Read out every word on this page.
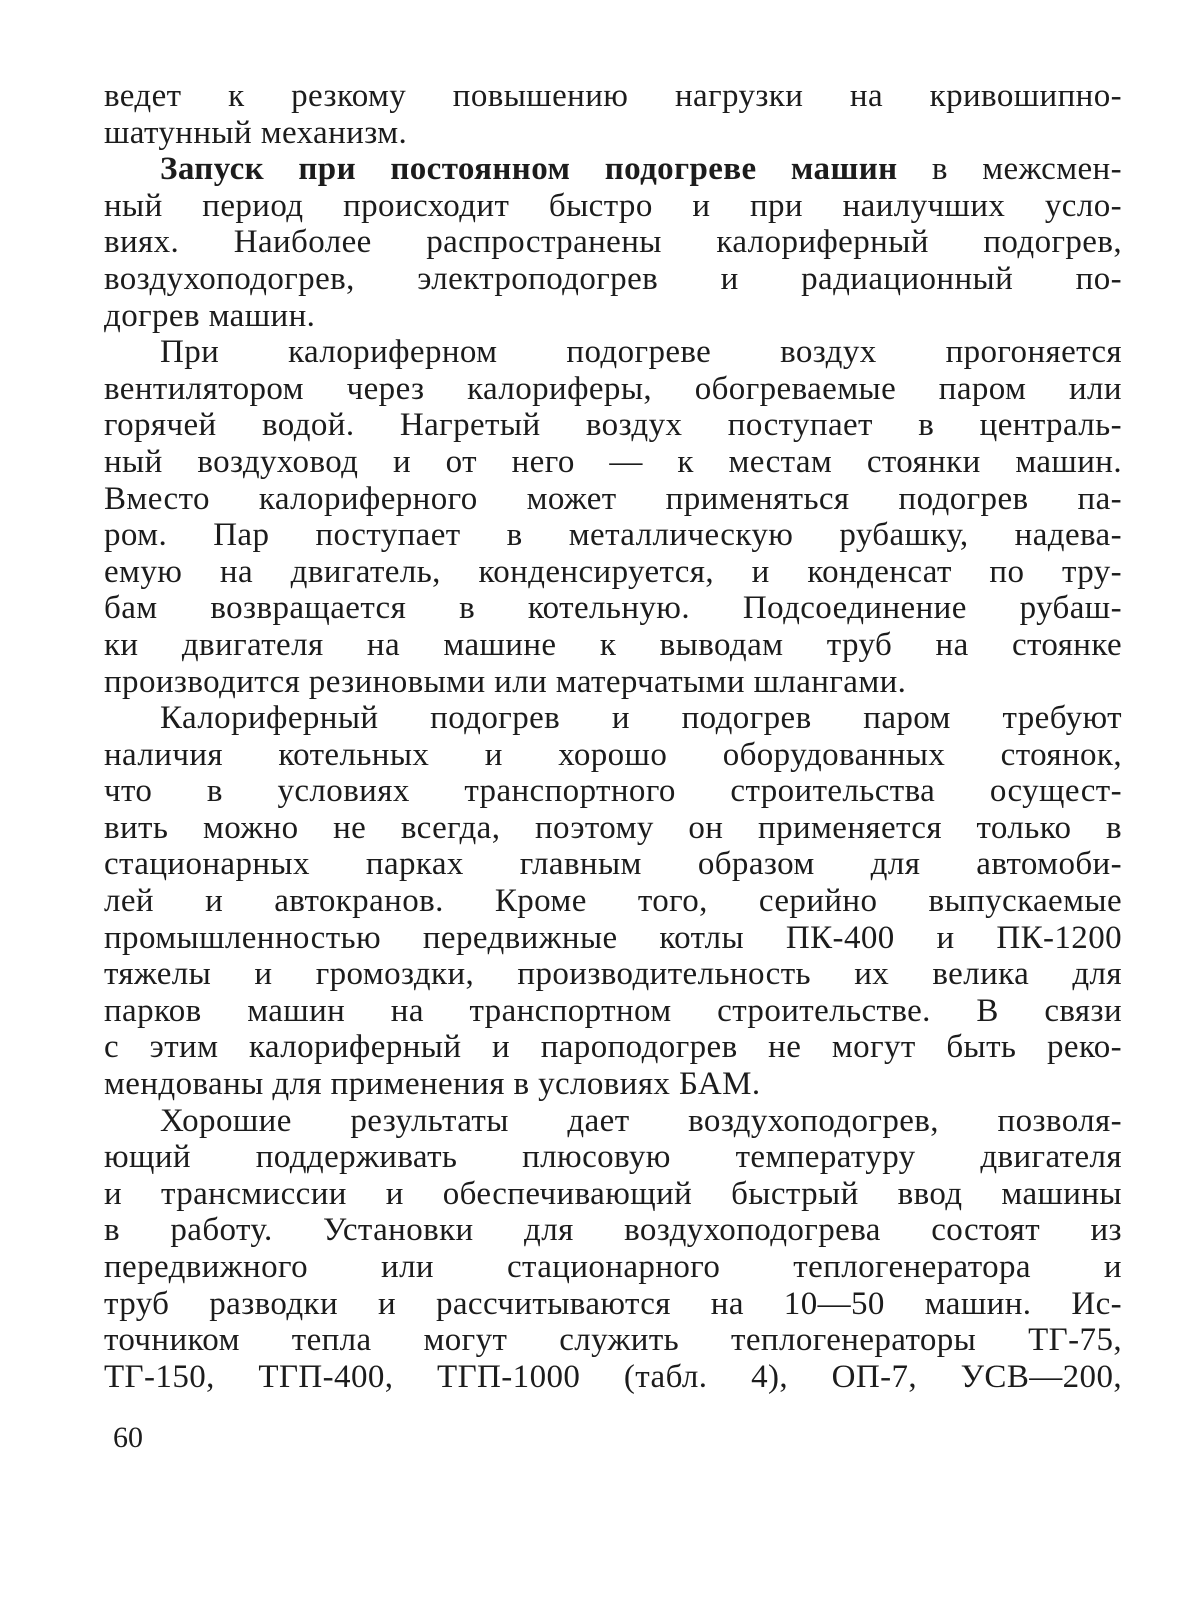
ведет к резкому повышению нагрузки на кривошипно-
шатунный механизм.
Запуск при постоянном подогреве машин в межсмен-
ный период происходит быстро и при наилучших усло-
виях. Наиболее распространены калориферный подогрев,
воздухоподогрев, электроподогрев и радиационный по-
догрев машин.
При калориферном подогреве воздух прогоняется
вентилятором через калориферы, обогреваемые паром или
горячей водой. Нагретый воздух поступает в централь-
ный воздуховод и от него — к местам стоянки машин.
Вместо калориферного может применяться подогрев па-
ром. Пар поступает в металлическую рубашку, надева-
емую на двигатель, конденсируется, и конденсат по тру-
бам возвращается в котельную. Подсоединение рубаш-
ки двигателя на машине к выводам труб на стоянке
производится резиновыми или матерчатыми шлангами.
Калориферный подогрев и подогрев паром требуют
наличия котельных и хорошо оборудованных стоянок,
что в условиях транспортного строительства осущест-
вить можно не всегда, поэтому он применяется только в
стационарных парках главным образом для автомоби-
лей и автокранов. Кроме того, серийно выпускаемые
промышленностью передвижные котлы ПК-400 и ПК-1200
тяжелы и громоздки, производительность их велика для
парков машин на транспортном строительстве. В связи
с этим калориферный и пароподогрев не могут быть реко-
мендованы для применения в условиях БАМ.
Хорошие результаты дает воздухоподогрев, позволя-
ющий поддерживать плюсовую температуру двигателя
и трансмиссии и обеспечивающий быстрый ввод машины
в работу. Установки для воздухоподогрева состоят из
передвижного или стационарного теплогенератора и
труб разводки и рассчитываются на 10—50 машин. Ис-
точником тепла могут служить теплогенераторы ТГ-75,
ТГ-150, ТГП-400, ТГП-1000 (табл. 4), ОП-7, УСВ—200,
60
